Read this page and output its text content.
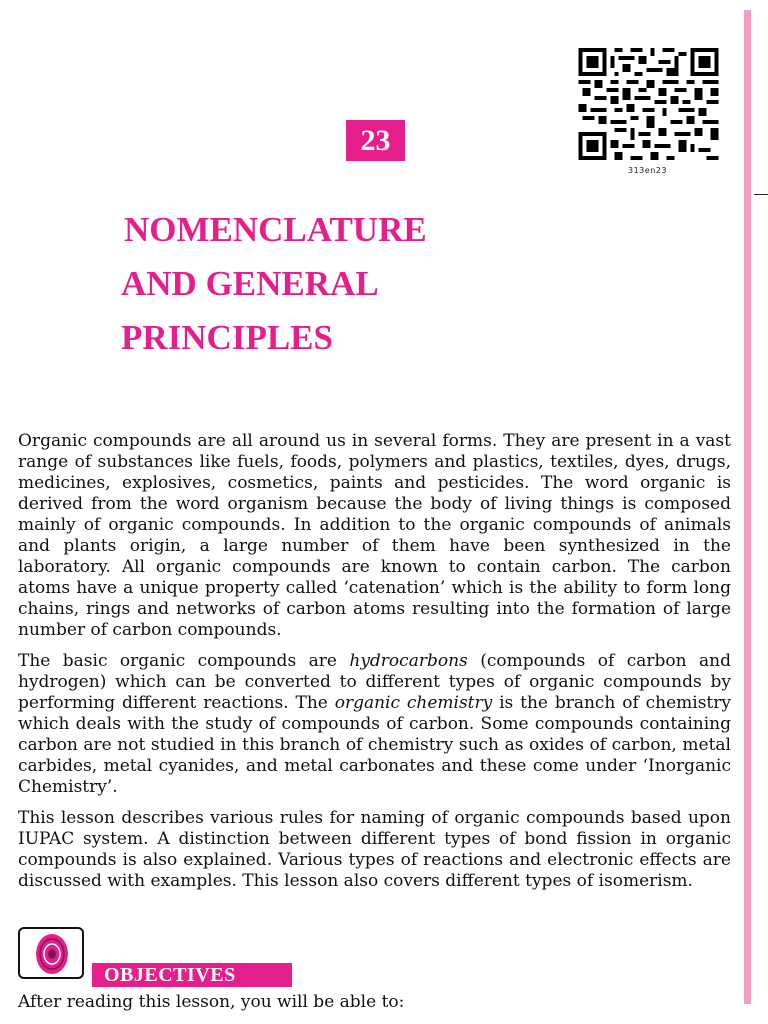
313en23
23
NOMENCLATURE
AND GENERAL
PRINCIPLES

Organic compounds are all around us in several forms. They are present in a vast range of substances like fuels, foods, polymers and plastics, textiles, dyes, drugs, medicines, explosives, cosmetics, paints and pesticides. The word organic is derived from the word organism because the body of living things is composed mainly of organic compounds. In addition to the organic compounds of animals and plants origin, a large number of them have been synthesized in the laboratory. All organic compounds are known to contain carbon. The carbon atoms have a unique property called ‘catenation’ which is the ability to form long chains, rings and networks of carbon atoms resulting into the formation of large number of carbon compounds.

The basic organic compounds are hydrocarbons (compounds of carbon and hydrogen) which can be converted to different types of organic compounds by performing different reactions. The organic chemistry is the branch of chemistry which deals with the study of compounds of carbon. Some compounds containing carbon are not studied in this branch of chemistry such as oxides of carbon, metal carbides, metal cyanides, and metal carbonates and these come under ‘Inorganic Chemistry’.

This lesson describes various rules for naming of organic compounds based upon IUPAC system. A distinction between different types of bond fission in organic compounds is also explained. Various types of reactions and electronic effects are discussed with examples. This lesson also covers different types of isomerism.

OBJECTIVES

After reading this lesson, you will be able to:
